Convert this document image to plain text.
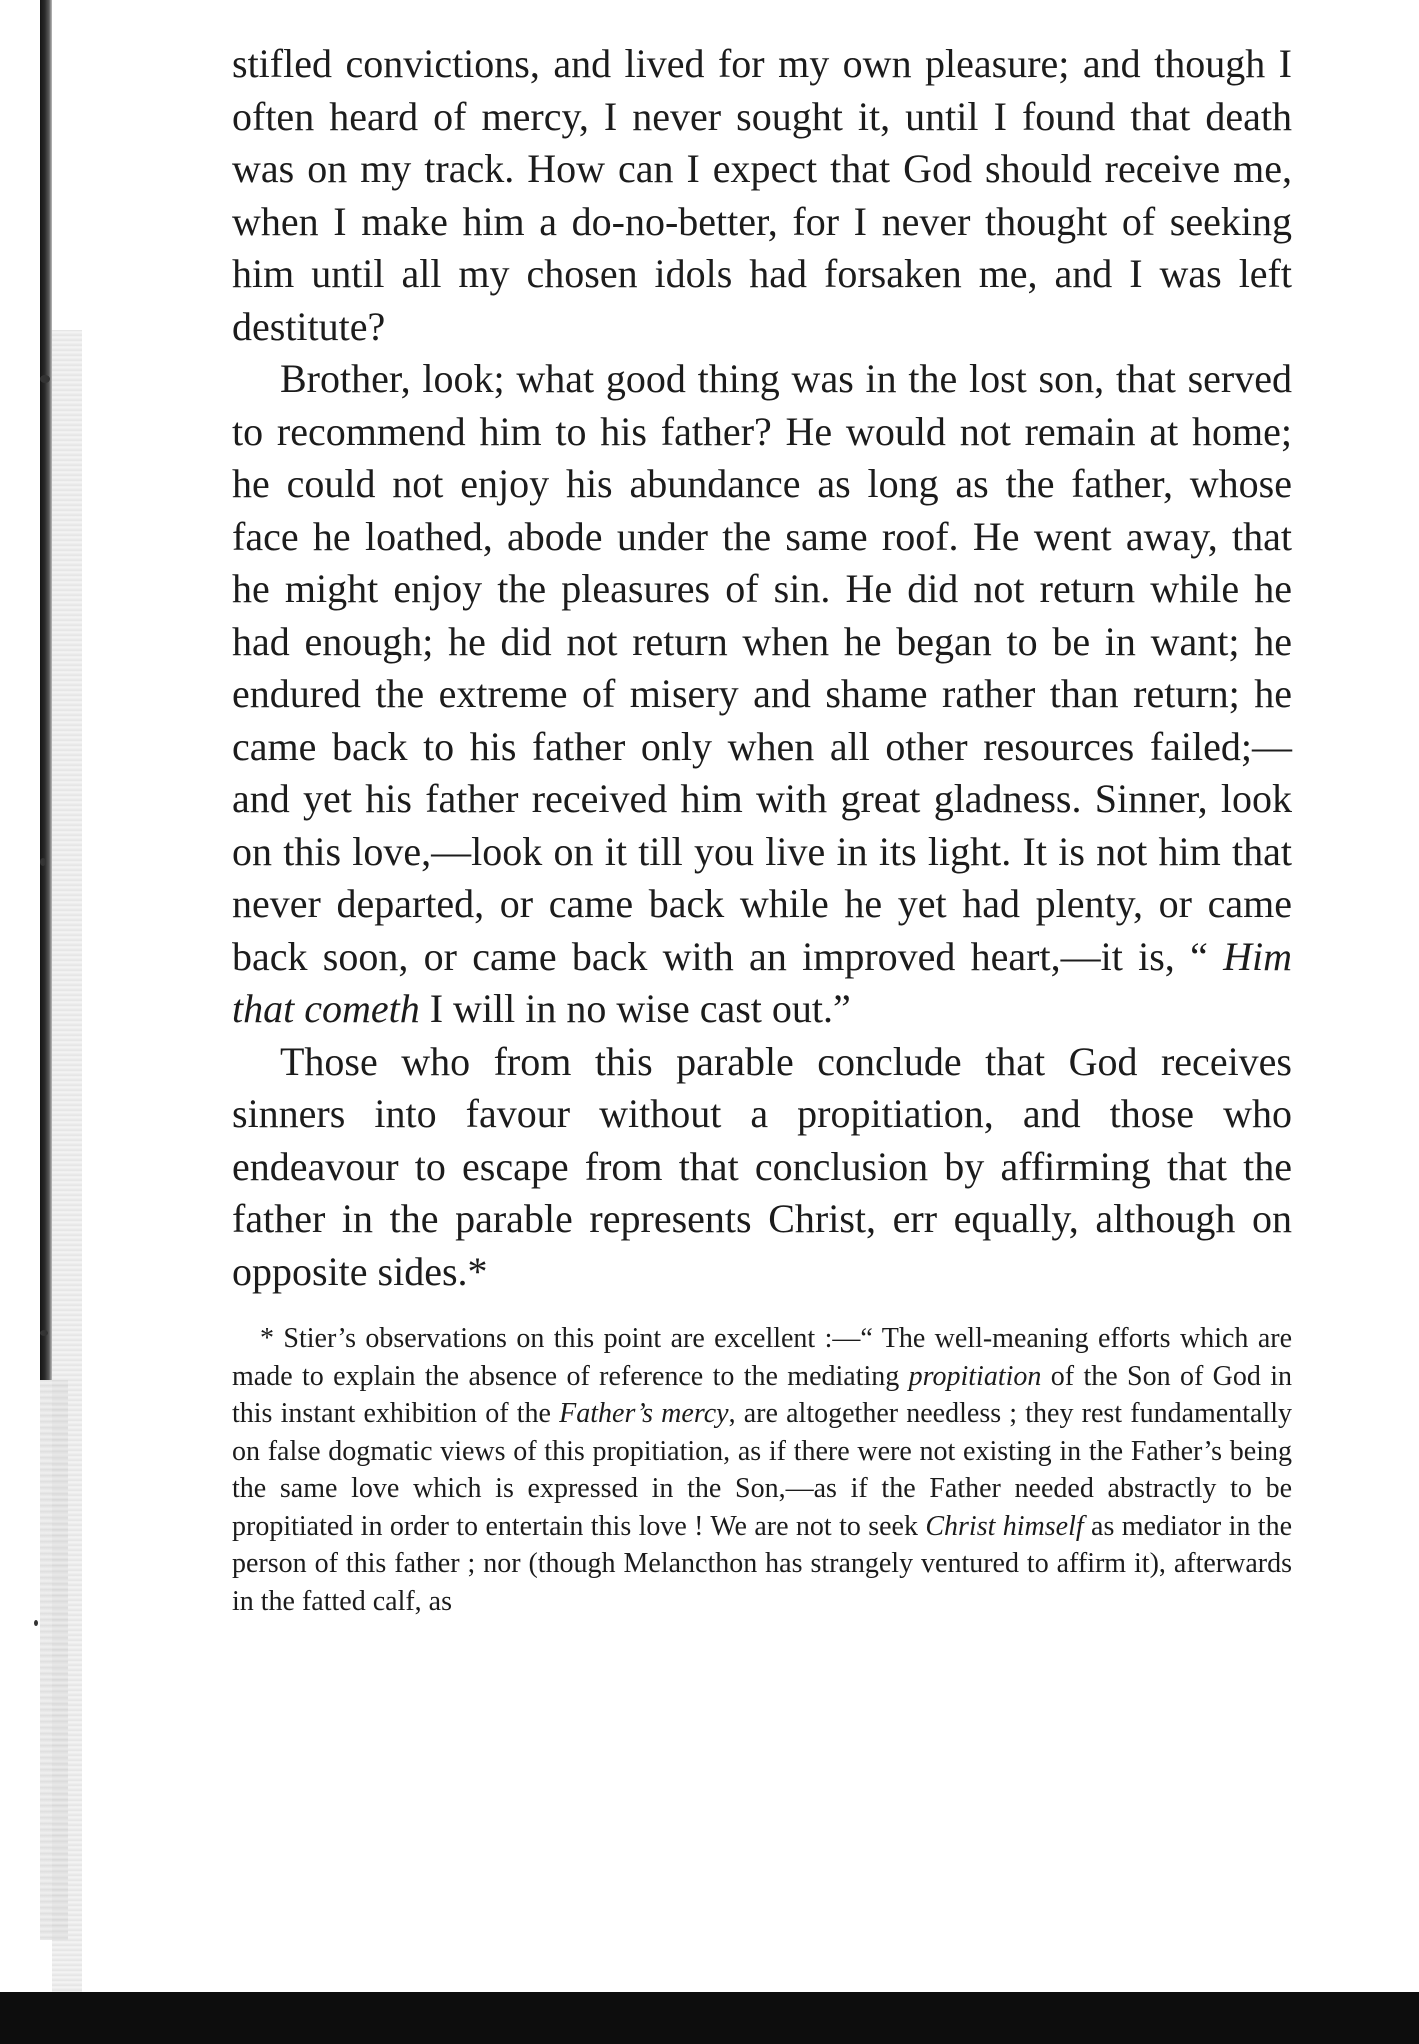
stifled convictions, and lived for my own pleasure; and though I often heard of mercy, I never sought it, until I found that death was on my track. How can I expect that God should receive me, when I make him a do-no-better, for I never thought of seeking him until all my chosen idols had forsaken me, and I was left destitute?

Brother, look; what good thing was in the lost son, that served to recommend him to his father? He would not remain at home; he could not enjoy his abundance as long as the father, whose face he loathed, abode under the same roof. He went away, that he might enjoy the pleasures of sin. He did not return while he had enough; he did not return when he began to be in want; he endured the extreme of misery and shame rather than return; he came back to his father only when all other resources failed;—and yet his father received him with great gladness. Sinner, look on this love,—look on it till you live in its light. It is not him that never departed, or came back while he yet had plenty, or came back soon, or came back with an improved heart,—it is, “ Him that cometh I will in no wise cast out.”

Those who from this parable conclude that God receives sinners into favour without a propitiation, and those who endeavour to escape from that conclusion by affirming that the father in the parable represents Christ, err equally, although on opposite sides.*

* Stier’s observations on this point are excellent :—“ The well-meaning efforts which are made to explain the absence of reference to the mediating propitiation of the Son of God in this instant exhibition of the Father’s mercy, are altogether needless ; they rest fundamentally on false dogmatic views of this propitiation, as if there were not existing in the Father’s being the same love which is expressed in the Son,—as if the Father needed abstractly to be propitiated in order to entertain this love ! We are not to seek Christ himself as mediator in the person of this father ; nor (though Melancthon has strangely ventured to affirm it), afterwards in the fatted calf, as
